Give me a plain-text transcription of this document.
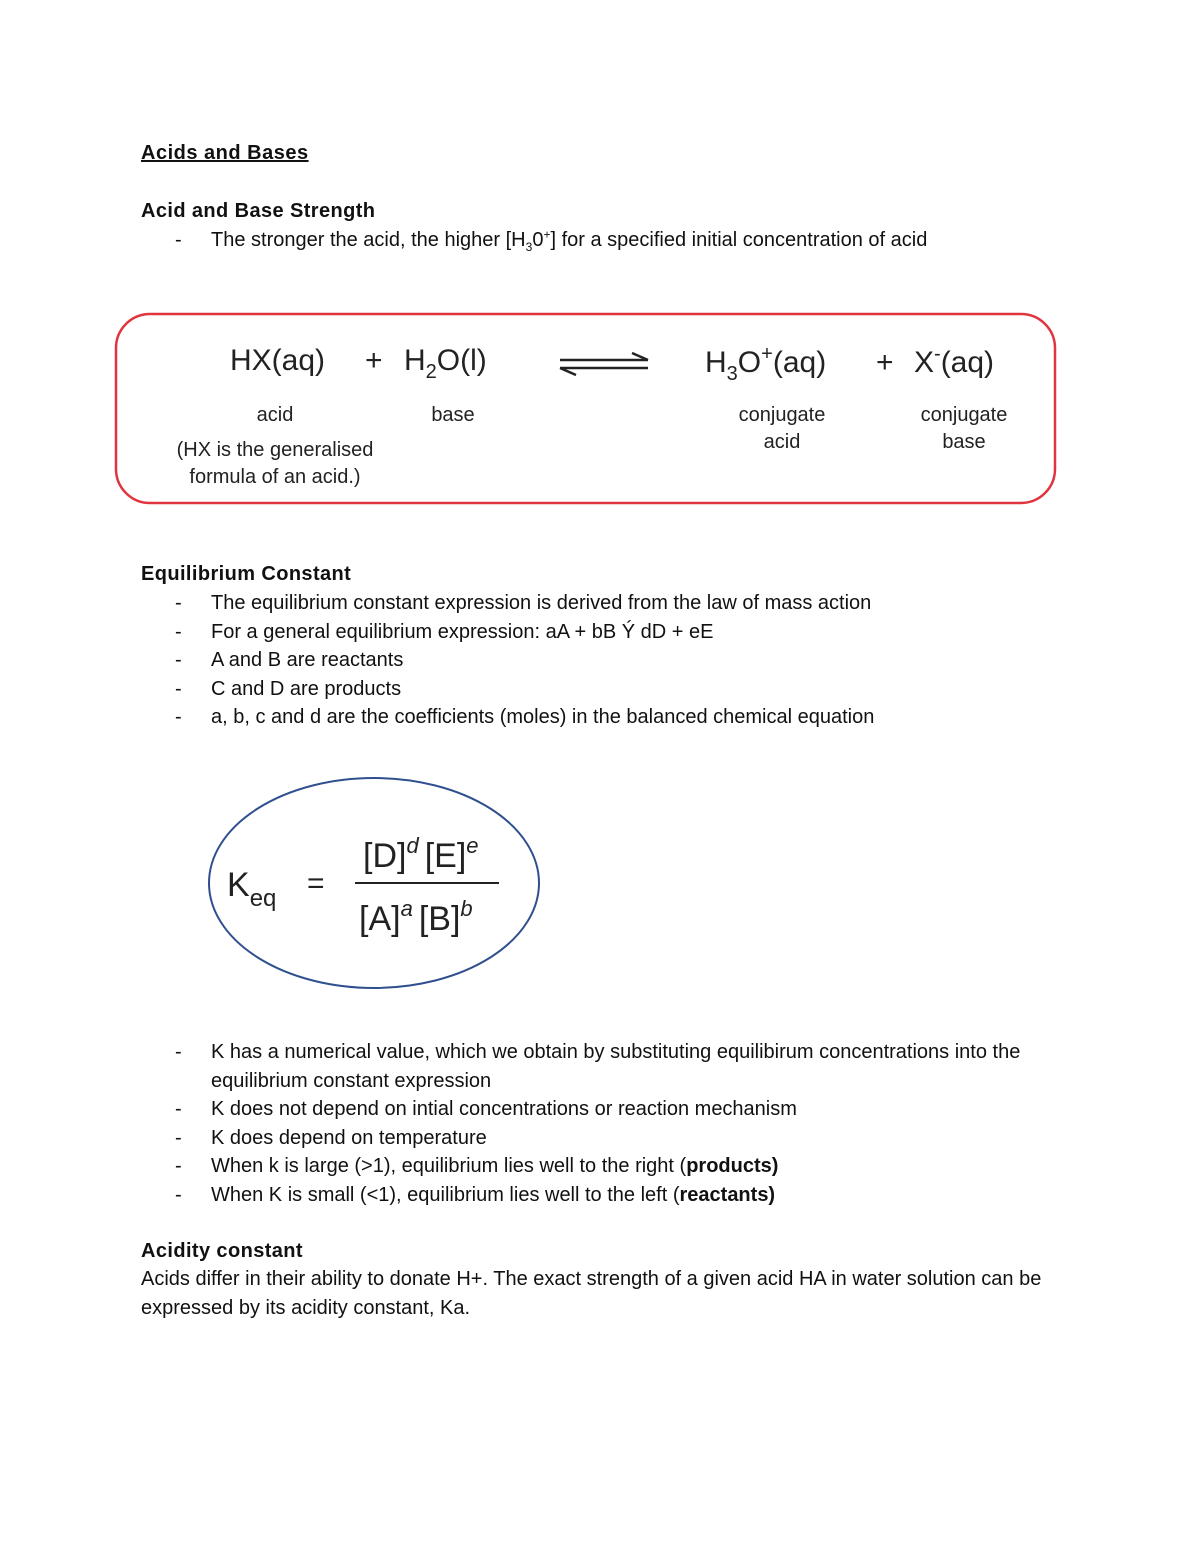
Acids and Bases
Acid and Base Strength
- The stronger the acid, the higher $[H_30^+]$ for a specified initial concentration of acid
$HX(aq) + H_2O(l)$	$H_3O^+(aq) + X^-(aq)$
acid	base
(HX is the generalised
formula of an acid.)
conjugate
acid
conjugate
base
Equilibrium Constant
- The equilibrium constant expression is derived from the law of mass action
- For a general equilibrium expression: aA + bB Ý dD + eE
- A and B are reactants
- C and D are products
- a, b, c and d are the coefficients (moles) in the balanced chemical equation
$K_{eq}$ =
$[D]^d$ $[E]^e$
$[A]^a$ $[B]^b$
- K has a numerical value, which we obtain by substituting equilibirum concentrations into the equilibrium constant expression
- K does not depend on intial concentrations or reaction mechanism
- K does depend on temperature
- When k is large (>1), equilibrium lies well to the right (products)
- When K is small (<1), equilibrium lies well to the left (reactants)
Acidity constant
Acids differ in their ability to donate H+. The exact strength of a given acid HA in water solution can be expressed by its acidity constant, Ka.
